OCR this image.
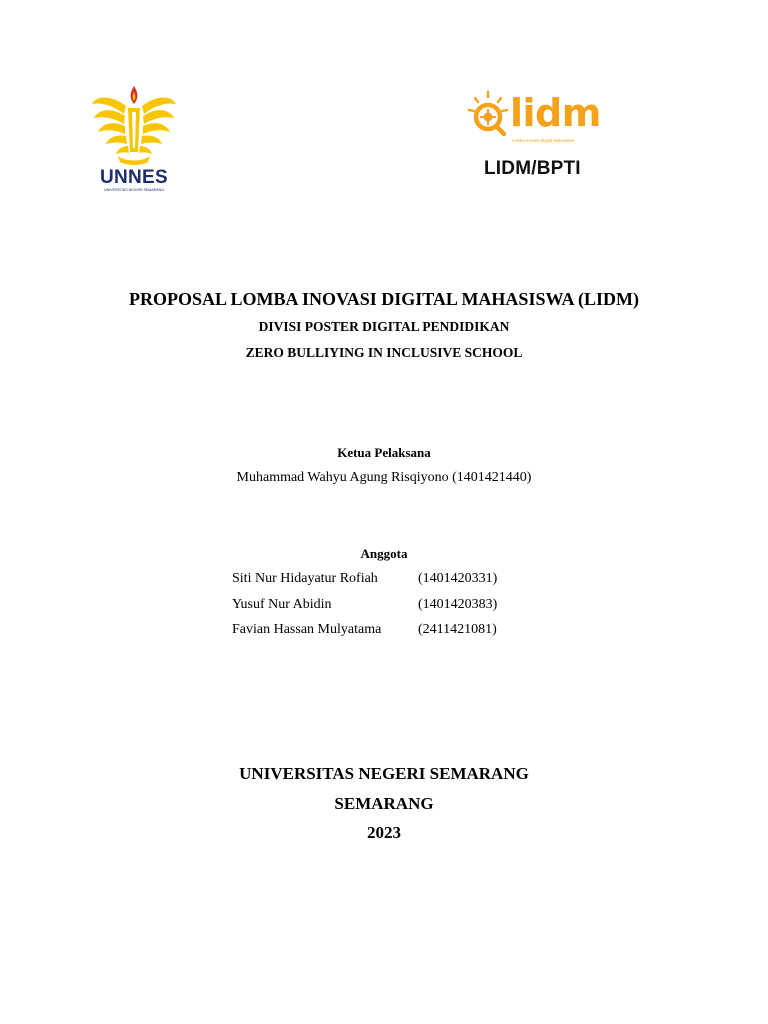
UNNES
UNIVERSITAS NEGERI SEMARANG
lidm
Lomba Inovasi Digital Mahasiswa
LIDM/BPTI
PROPOSAL LOMBA INOVASI DIGITAL MAHASISWA (LIDM)
DIVISI POSTER DIGITAL PENDIDIKAN
ZERO BULLIYING IN INCLUSIVE SCHOOL
Ketua Pelaksana
Muhammad Wahyu Agung Risqiyono (1401421440)
Anggota
Siti Nur Hidayatur Rofiah	(1401420331)
Yusuf Nur Abidin	(1401420383)
Favian Hassan Mulyatama	(2411421081)
UNIVERSITAS NEGERI SEMARANG
SEMARANG
2023
